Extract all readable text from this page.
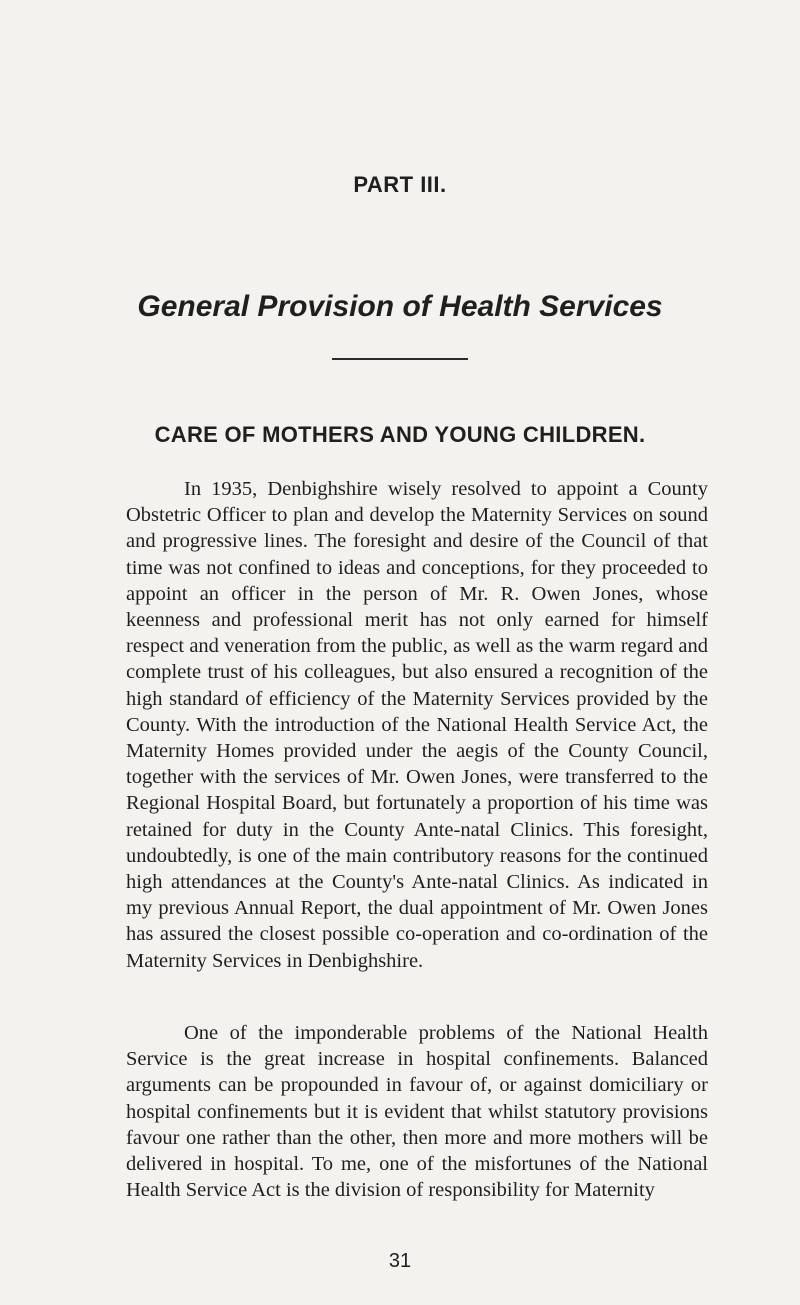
PART III.
General Provision of Health Services
CARE OF MOTHERS AND YOUNG CHILDREN.

In 1935, Denbighshire wisely resolved to appoint a County Obstetric Officer to plan and develop the Maternity Services on sound and progressive lines. The foresight and desire of the Council of that time was not confined to ideas and conceptions, for they proceeded to appoint an officer in the person of Mr. R. Owen Jones, whose keenness and professional merit has not only earned for himself respect and veneration from the public, as well as the warm regard and complete trust of his colleagues, but also ensured a recognition of the high standard of efficiency of the Maternity Services provided by the County. With the introduction of the National Health Service Act, the Maternity Homes provided under the aegis of the County Council, together with the services of Mr. Owen Jones, were transferred to the Regional Hospital Board, but fortunately a proportion of his time was retained for duty in the County Ante-natal Clinics. This foresight, undoubtedly, is one of the main contributory reasons for the continued high attendances at the County's Ante-natal Clinics. As indicated in my previous Annual Report, the dual appointment of Mr. Owen Jones has assured the closest possible co-operation and co-ordination of the Maternity Services in Denbighshire.

One of the imponderable problems of the National Health Service is the great increase in hospital confinements. Balanced arguments can be propounded in favour of, or against domiciliary or hospital confinements but it is evident that whilst statutory provisions favour one rather than the other, then more and more mothers will be delivered in hospital. To me, one of the misfortunes of the National Health Service Act is the division of responsibility for Maternity

31
